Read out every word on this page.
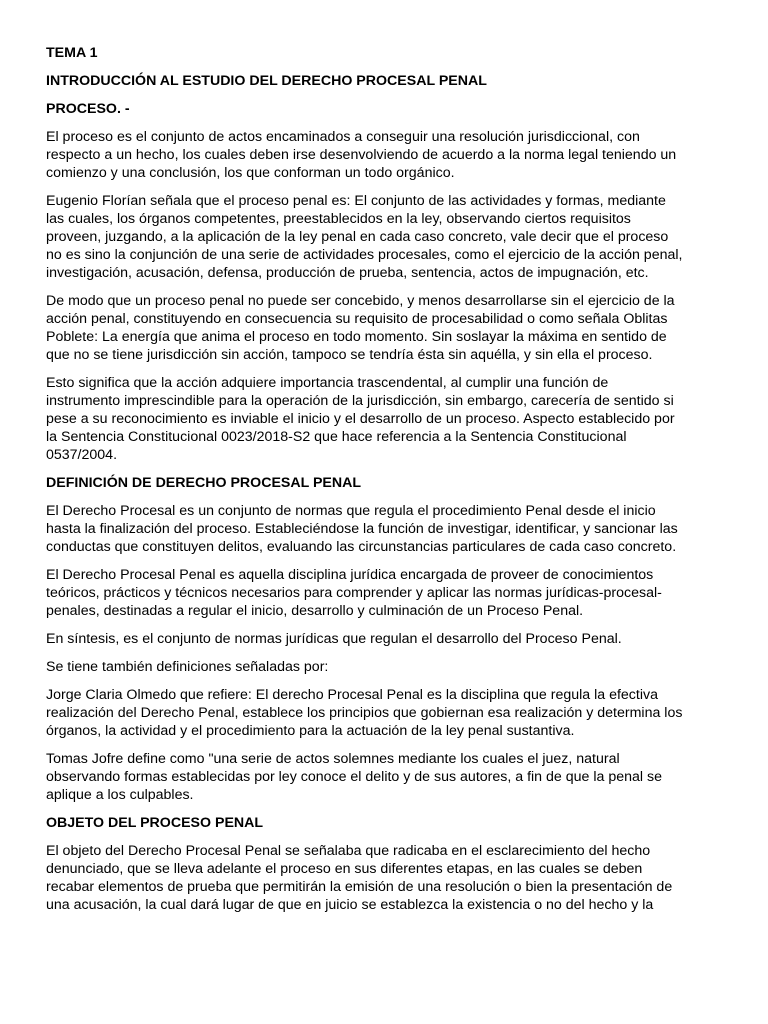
TEMA 1
INTRODUCCIÓN AL ESTUDIO DEL DERECHO PROCESAL PENAL
PROCESO. -
El proceso es el conjunto de actos encaminados a conseguir una resolución jurisdiccional, con
respecto a un hecho, los cuales deben irse desenvolviendo de acuerdo a la norma legal teniendo un
comienzo y una conclusión, los que conforman un todo orgánico.
Eugenio Florían señala que el proceso penal es: El conjunto de las actividades y formas, mediante
las cuales, los órganos competentes, preestablecidos en la ley, observando ciertos requisitos
proveen, juzgando, a la aplicación de la ley penal en cada caso concreto, vale decir que el proceso
no es sino la conjunción de una serie de actividades procesales, como el ejercicio de la acción penal,
investigación, acusación, defensa, producción de prueba, sentencia, actos de impugnación, etc.
De modo que un proceso penal no puede ser concebido, y menos desarrollarse sin el ejercicio de la
acción penal, constituyendo en consecuencia su requisito de procesabilidad o como señala Oblitas
Poblete: La energía que anima el proceso en todo momento. Sin soslayar la máxima en sentido de
que no se tiene jurisdicción sin acción, tampoco se tendría ésta sin aquélla, y sin ella el proceso.
Esto significa que la acción adquiere importancia trascendental, al cumplir una función de
instrumento imprescindible para la operación de la jurisdicción, sin embargo, carecería de sentido si
pese a su reconocimiento es inviable el inicio y el desarrollo de un proceso. Aspecto establecido por
la Sentencia Constitucional 0023/2018-S2 que hace referencia a la Sentencia Constitucional
0537/2004.
DEFINICIÓN DE DERECHO PROCESAL PENAL
El Derecho Procesal es un conjunto de normas que regula el procedimiento Penal desde el inicio
hasta la finalización del proceso. Estableciéndose la función de investigar, identificar, y sancionar las
conductas que constituyen delitos, evaluando las circunstancias particulares de cada caso concreto.
El Derecho Procesal Penal es aquella disciplina jurídica encargada de proveer de conocimientos
teóricos, prácticos y técnicos necesarios para comprender y aplicar las normas jurídicas-procesal-
penales, destinadas a regular el inicio, desarrollo y culminación de un Proceso Penal.
En síntesis, es el conjunto de normas jurídicas que regulan el desarrollo del Proceso Penal.
Se tiene también definiciones señaladas por:
Jorge Claria Olmedo que refiere: El derecho Procesal Penal es la disciplina que regula la efectiva
realización del Derecho Penal, establece los principios que gobiernan esa realización y determina los
órganos, la actividad y el procedimiento para la actuación de la ley penal sustantiva.
Tomas Jofre define como "una serie de actos solemnes mediante los cuales el juez, natural
observando formas establecidas por ley conoce el delito y de sus autores, a fin de que la penal se
aplique a los culpables.
OBJETO DEL PROCESO PENAL
El objeto del Derecho Procesal Penal se señalaba que radicaba en el esclarecimiento del hecho
denunciado, que se lleva adelante el proceso en sus diferentes etapas, en las cuales se deben
recabar elementos de prueba que permitirán la emisión de una resolución o bien la presentación de
una acusación, la cual dará lugar de que en juicio se establezca la existencia o no del hecho y la
